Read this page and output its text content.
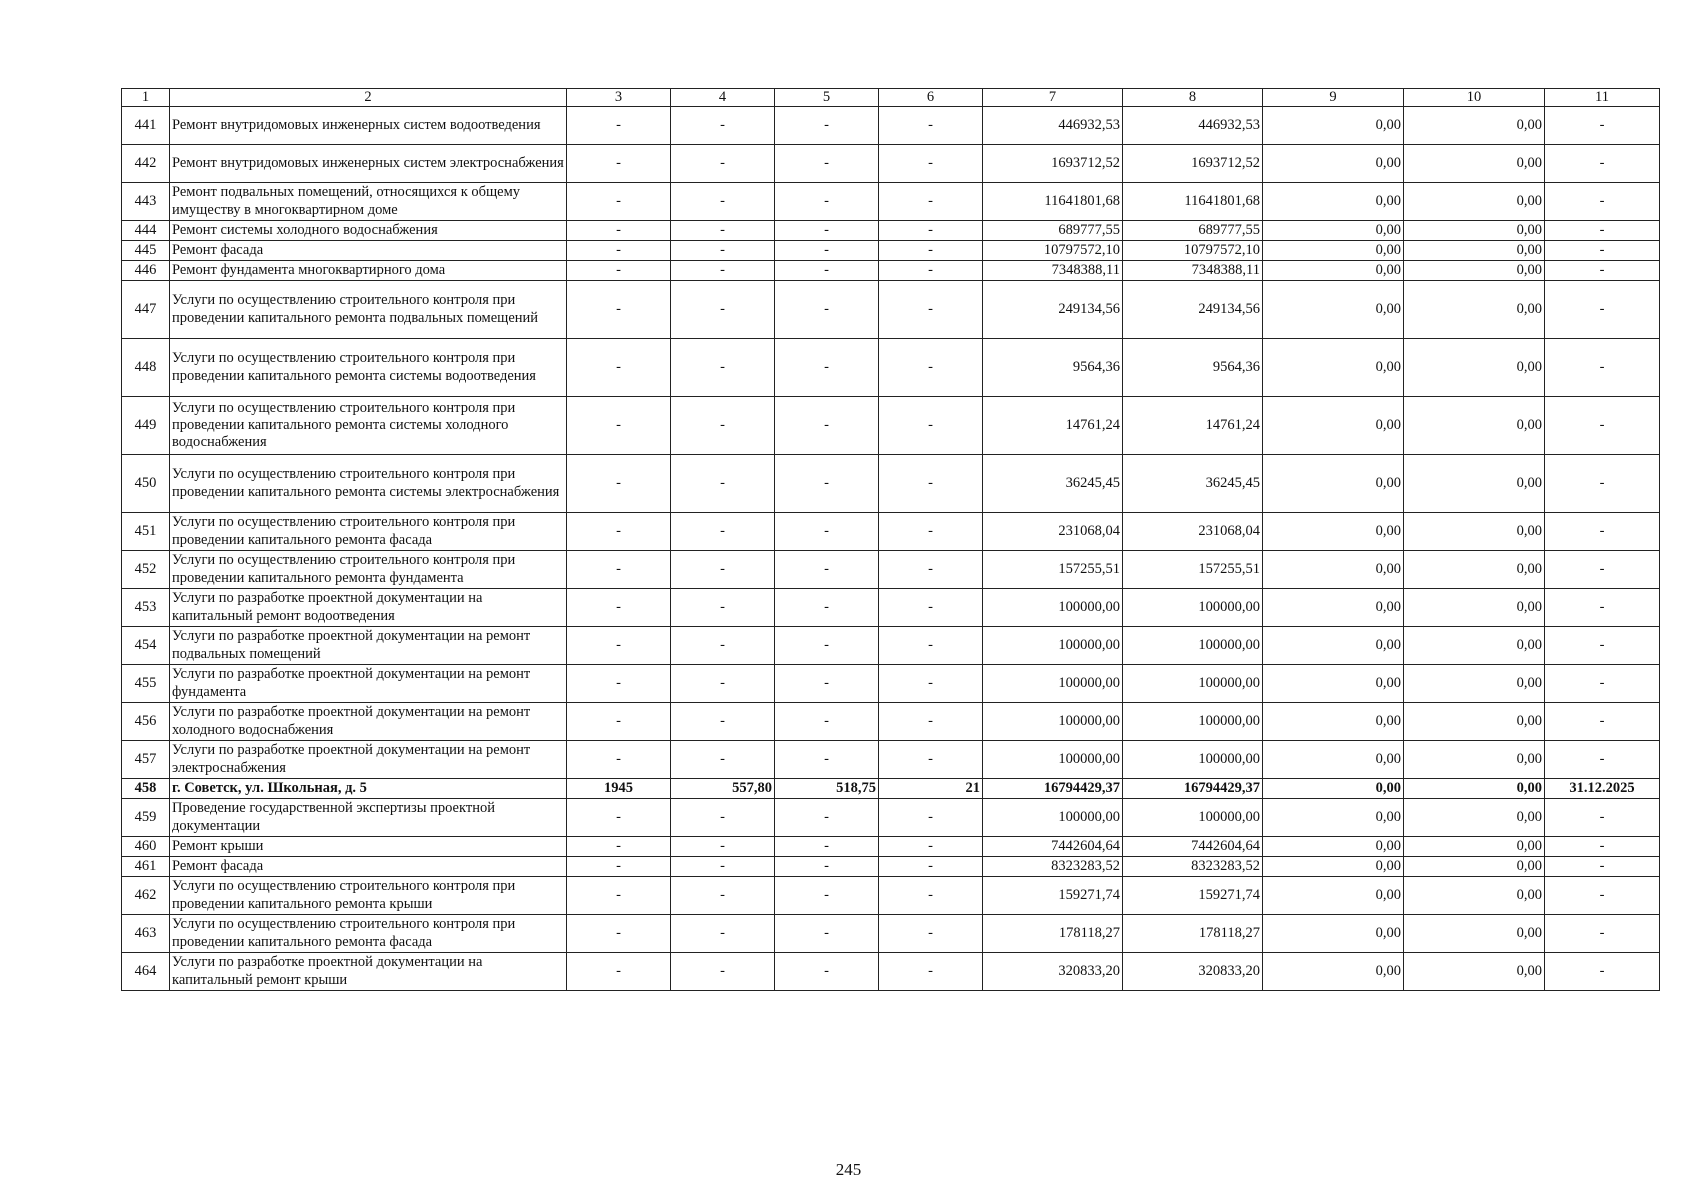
1	2	3	4	5	6	7	8	9	10	11
441	Ремонт внутридомовых инженерных систем водоотведения	-	-	-	-	446932,53	446932,53	0,00	0,00	-
442	Ремонт внутридомовых инженерных систем электроснабжения	-	-	-	-	1693712,52	1693712,52	0,00	0,00	-
443	Ремонт подвальных помещений, относящихся к общему имуществу в многоквартирном доме	-	-	-	-	11641801,68	11641801,68	0,00	0,00	-
444	Ремонт системы холодного водоснабжения	-	-	-	-	689777,55	689777,55	0,00	0,00	-
445	Ремонт фасада	-	-	-	-	10797572,10	10797572,10	0,00	0,00	-
446	Ремонт фундамента многоквартирного дома	-	-	-	-	7348388,11	7348388,11	0,00	0,00	-
447	Услуги по осуществлению строительного контроля при проведении капитального ремонта подвальных помещений	-	-	-	-	249134,56	249134,56	0,00	0,00	-
448	Услуги по осуществлению строительного контроля при проведении капитального ремонта системы водоотведения	-	-	-	-	9564,36	9564,36	0,00	0,00	-
449	Услуги по осуществлению строительного контроля при проведении капитального ремонта системы холодного водоснабжения	-	-	-	-	14761,24	14761,24	0,00	0,00	-
450	Услуги по осуществлению строительного контроля при проведении капитального ремонта системы электроснабжения	-	-	-	-	36245,45	36245,45	0,00	0,00	-
451	Услуги по осуществлению строительного контроля при проведении капитального ремонта фасада	-	-	-	-	231068,04	231068,04	0,00	0,00	-
452	Услуги по осуществлению строительного контроля при проведении капитального ремонта фундамента	-	-	-	-	157255,51	157255,51	0,00	0,00	-
453	Услуги по разработке проектной документации на капитальный ремонт водоотведения	-	-	-	-	100000,00	100000,00	0,00	0,00	-
454	Услуги по разработке проектной документации на ремонт подвальных помещений	-	-	-	-	100000,00	100000,00	0,00	0,00	-
455	Услуги по разработке проектной документации на ремонт фундамента	-	-	-	-	100000,00	100000,00	0,00	0,00	-
456	Услуги по разработке проектной документации на ремонт холодного водоснабжения	-	-	-	-	100000,00	100000,00	0,00	0,00	-
457	Услуги по разработке проектной документации на ремонт электроснабжения	-	-	-	-	100000,00	100000,00	0,00	0,00	-
458	г. Советск, ул. Школьная, д. 5	1945	557,80	518,75	21	16794429,37	16794429,37	0,00	0,00	31.12.2025
459	Проведение государственной экспертизы проектной документации	-	-	-	-	100000,00	100000,00	0,00	0,00	-
460	Ремонт крыши	-	-	-	-	7442604,64	7442604,64	0,00	0,00	-
461	Ремонт фасада	-	-	-	-	8323283,52	8323283,52	0,00	0,00	-
462	Услуги по осуществлению строительного контроля при проведении капитального ремонта крыши	-	-	-	-	159271,74	159271,74	0,00	0,00	-
463	Услуги по осуществлению строительного контроля при проведении капитального ремонта фасада	-	-	-	-	178118,27	178118,27	0,00	0,00	-
464	Услуги по разработке проектной документации на капитальный ремонт крыши	-	-	-	-	320833,20	320833,20	0,00	0,00	-
245
